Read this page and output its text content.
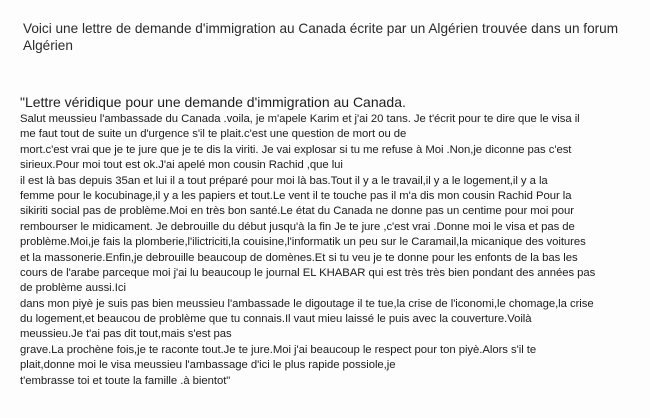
Voici une lettre de demande d'immigration au Canada écrite par un Algérien trouvée dans un forum Algérien

"Lettre véridique pour une demande d'immigration au Canada.

Salut meussieu l'ambassade du Canada .voila, je m'apele Karim et j'ai 20 tans. Je t'écrit pour te dire que le visa il
me faut tout de suite un d'urgence s'il te plait.c'est une question de mort ou de
mort.c'est vrai que je te jure que je te dis la viriti. Je vai explosar si tu me refuse à Moi .Non,je diconne pas c'est
sirieux.Pour moi tout est ok.J'ai apelé mon cousin Rachid ,que lui
il est là bas depuis 35an et lui il a tout préparé pour moi là bas.Tout il y a le travail,il y a le logement,il y a la
femme pour le kocubinage,il y a les papiers et tout.Le vent il te touche pas il m'a dis mon cousin Rachid Pour la
sikiriti social pas de problème.Moi en très bon santé.Le état du Canada ne donne pas un centime pour moi pour
rembourser le midicament. Je debrouille du début jusqu'à la fin Je te jure ,c'est vrai .Donne moi le visa et pas de
problème.Moi,je fais la plomberie,l'ilictriciti,la couisine,l'informatik un peu sur le Caramail,la micanique des voitures
et la massonerie.Enfin,je debrouille beaucoup de domènes.Et si tu veu je te donne pour les enfonts de la bas les
cours de l'arabe parceque moi j'ai lu beaucoup le journal EL KHABAR qui est très très bien pondant des années pas
de problème aussi.Ici
dans mon piyè je suis pas bien meussieu l'ambassade le digoutage il te tue,la crise de l'iconomi,le chomage,la crise
du logement,et beaucou de problème que tu connais.Il vaut mieu laissé le puis avec la couverture.Voilà
meussieu.Je t'ai pas dit tout,mais s'est pas
grave.La prochène fois,je te raconte tout.Je te jure.Moi j'ai beaucoup le respect pour ton piyè.Alors s'il te
plait,donne moi le visa meussieu l'ambassage d'ici le plus rapide possiole,je
t'embrasse toi et toute la famille .à bientot"
